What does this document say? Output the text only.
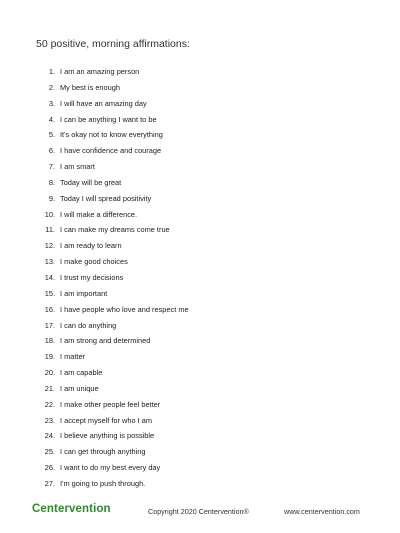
50 positive, morning affirmations:
1. I am an amazing person
2. My best is enough
3. I will have an amazing day
4. I can be anything I want to be
5. It's okay not to know everything
6. I have confidence and courage
7. I am smart
8. Today will be great
9. Today I will spread positivity
10. I will make a difference.
11. I can make my dreams come true
12. I am ready to learn
13. I make good choices
14. I trust my decisions
15. I am important
16. I have people who love and respect me
17. I can do anything
18. I am strong and determined
19. I matter
20. I am capable
21. I am unique
22. I make other people feel better
23. I accept myself for who I am
24. I believe anything is possible
25. I can get through anything
26. I want to do my best every day
27. I'm going to push through.
Centervention	Copyright 2020 Centervention®	www.centervention.com
